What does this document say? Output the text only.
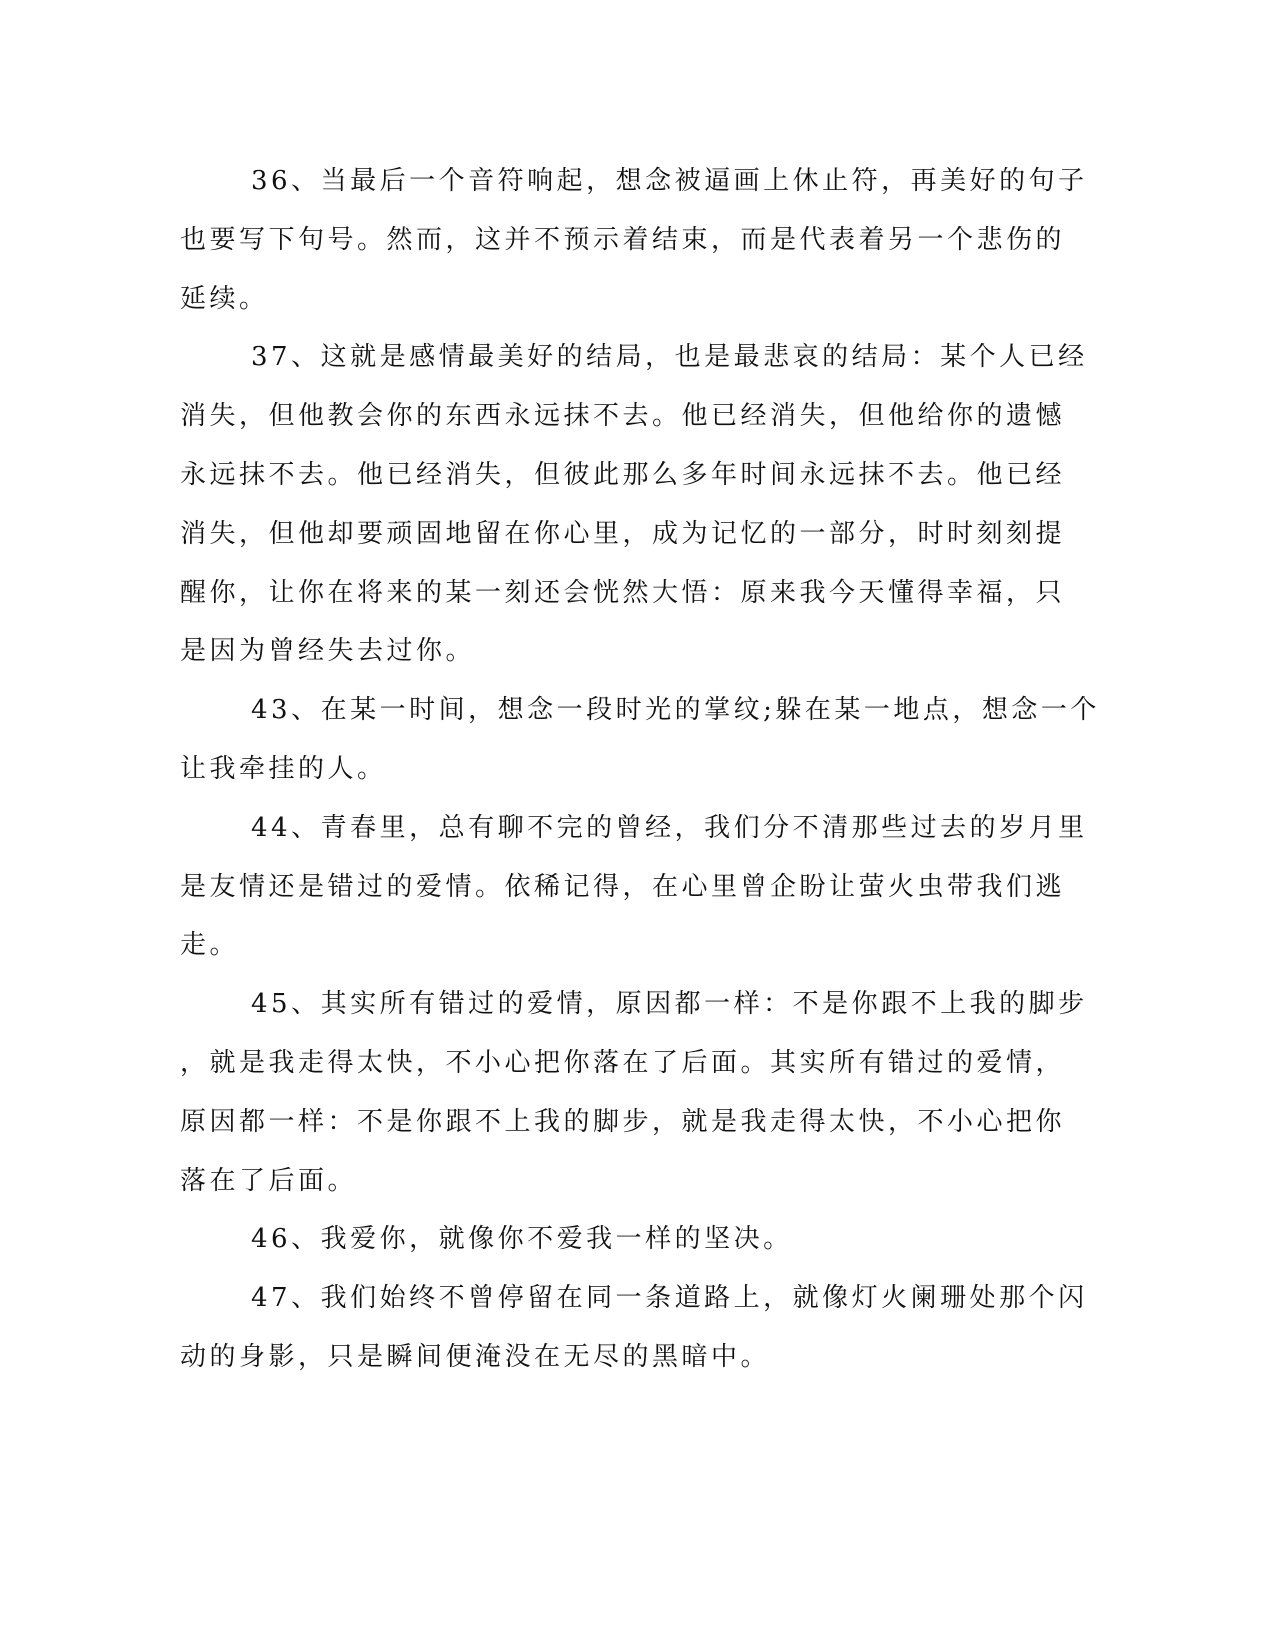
36、当最后一个音符响起，想念被逼画上休止符，再美好的句子
也要写下句号。然而，这并不预示着结束，而是代表着另一个悲伤的
延续。
37、这就是感情最美好的结局，也是最悲哀的结局：某个人已经
消失，但他教会你的东西永远抹不去。他已经消失，但他给你的遗憾
永远抹不去。他已经消失，但彼此那么多年时间永远抹不去。他已经
消失，但他却要顽固地留在你心里，成为记忆的一部分，时时刻刻提
醒你，让你在将来的某一刻还会恍然大悟：原来我今天懂得幸福，只
是因为曾经失去过你。
43、在某一时间，想念一段时光的掌纹;躲在某一地点，想念一个
让我牵挂的人。
44、青春里，总有聊不完的曾经，我们分不清那些过去的岁月里
是友情还是错过的爱情。依稀记得，在心里曾企盼让萤火虫带我们逃
走。
45、其实所有错过的爱情，原因都一样：不是你跟不上我的脚步
，就是我走得太快，不小心把你落在了后面。其实所有错过的爱情，
原因都一样：不是你跟不上我的脚步，就是我走得太快，不小心把你
落在了后面。
46、我爱你，就像你不爱我一样的坚决。
47、我们始终不曾停留在同一条道路上，就像灯火阑珊处那个闪
动的身影，只是瞬间便淹没在无尽的黑暗中。
